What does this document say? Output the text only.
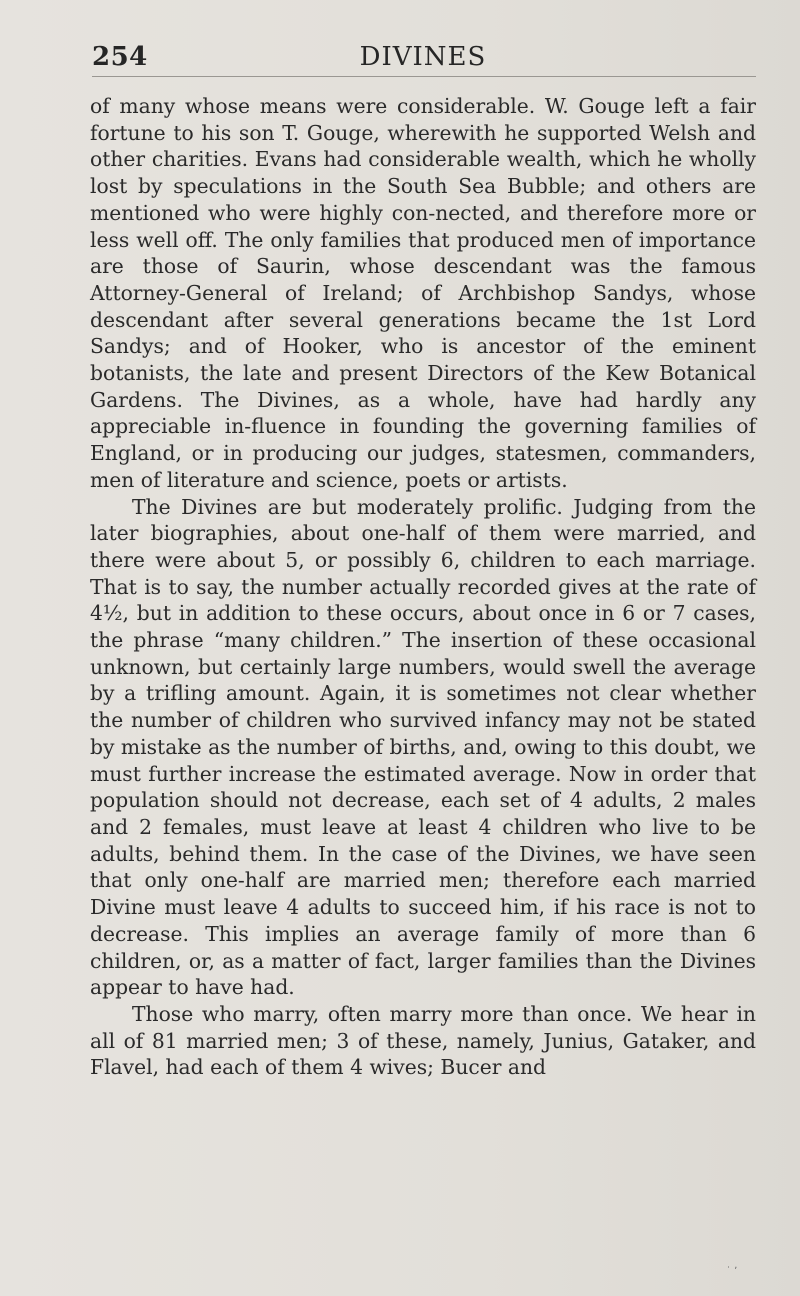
254	DIVINES

of many whose means were considerable. W. Gouge left a fair fortune to his son T. Gouge, wherewith he supported Welsh and other charities. Evans had considerable wealth, which he wholly lost by speculations in the South Sea Bubble; and others are mentioned who were highly con-nected, and therefore more or less well off. The only families that produced men of importance are those of Saurin, whose descendant was the famous Attorney-General of Ireland; of Archbishop Sandys, whose descendant after several generations became the 1st Lord Sandys; and of Hooker, who is ancestor of the eminent botanists, the late and present Directors of the Kew Botanical Gardens. The Divines, as a whole, have had hardly any appreciable in-fluence in founding the governing families of England, or in producing our judges, statesmen, commanders, men of literature and science, poets or artists.

The Divines are but moderately prolific. Judging from the later biographies, about one-half of them were married, and there were about 5, or possibly 6, children to each marriage. That is to say, the number actually recorded gives at the rate of 4½, but in addition to these occurs, about once in 6 or 7 cases, the phrase “many children.” The insertion of these occasional unknown, but certainly large numbers, would swell the average by a trifling amount. Again, it is sometimes not clear whether the number of children who survived infancy may not be stated by mistake as the number of births, and, owing to this doubt, we must further increase the estimated average. Now in order that population should not decrease, each set of 4 adults, 2 males and 2 females, must leave at least 4 children who live to be adults, behind them. In the case of the Divines, we have seen that only one-half are married men; therefore each married Divine must leave 4 adults to succeed him, if his race is not to decrease. This implies an average family of more than 6 children, or, as a matter of fact, larger families than the Divines appear to have had.

Those who marry, often marry more than once. We hear in all of 81 married men; 3 of these, namely, Junius, Gataker, and Flavel, had each of them 4 wives; Bucer and

˙ ʼ
